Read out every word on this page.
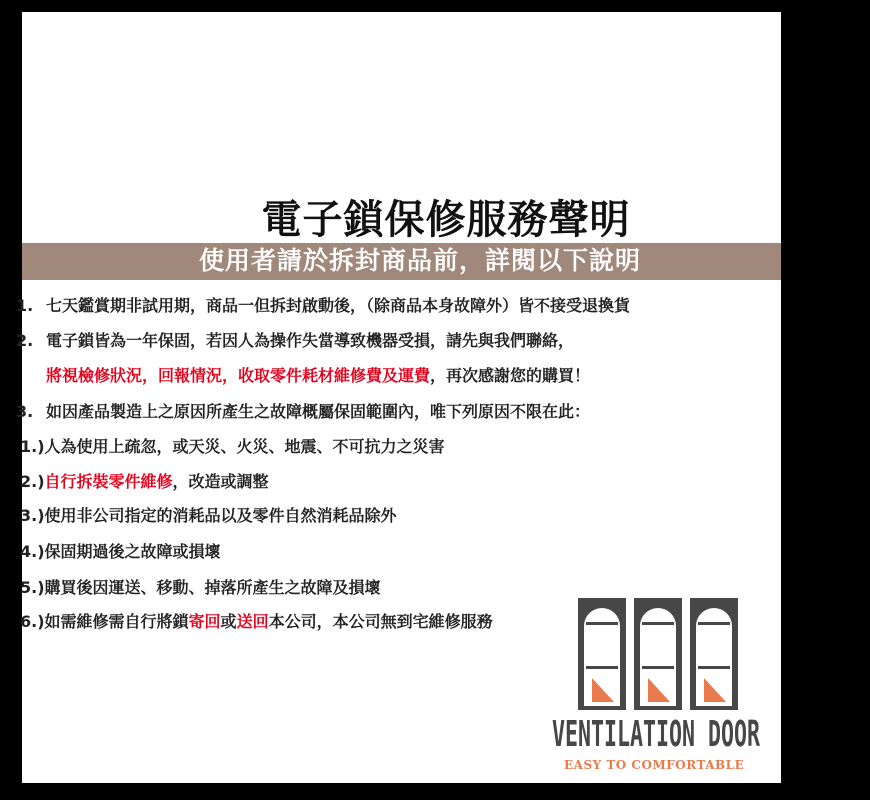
電子鎖保修服務聲明
使用者請於拆封商品前，詳閱以下說明
1. 七天鑑賞期非試用期，商品一但拆封啟動後，（除商品本身故障外）皆不接受退換貨
2. 電子鎖皆為一年保固，若因人為操作失當導致機器受損，請先與我們聯絡，
將視檢修狀況，回報情況，收取零件耗材維修費及運費，再次感謝您的購買！
3. 如因產品製造上之原因所產生之故障概屬保固範圍內，唯下列原因不限在此：
1.)人為使用上疏忽，或天災、火災、地震、不可抗力之災害
2.)自行拆裝零件維修，改造或調整
3.)使用非公司指定的消耗品以及零件自然消耗品除外
4.)保固期過後之故障或損壞
5.)購買後因運送、移動、掉落所產生之故障及損壞
6.)如需維修需自行將鎖寄回或送回本公司，本公司無到宅維修服務
VENTILATION DOOR
EASY TO COMFORTABLE
